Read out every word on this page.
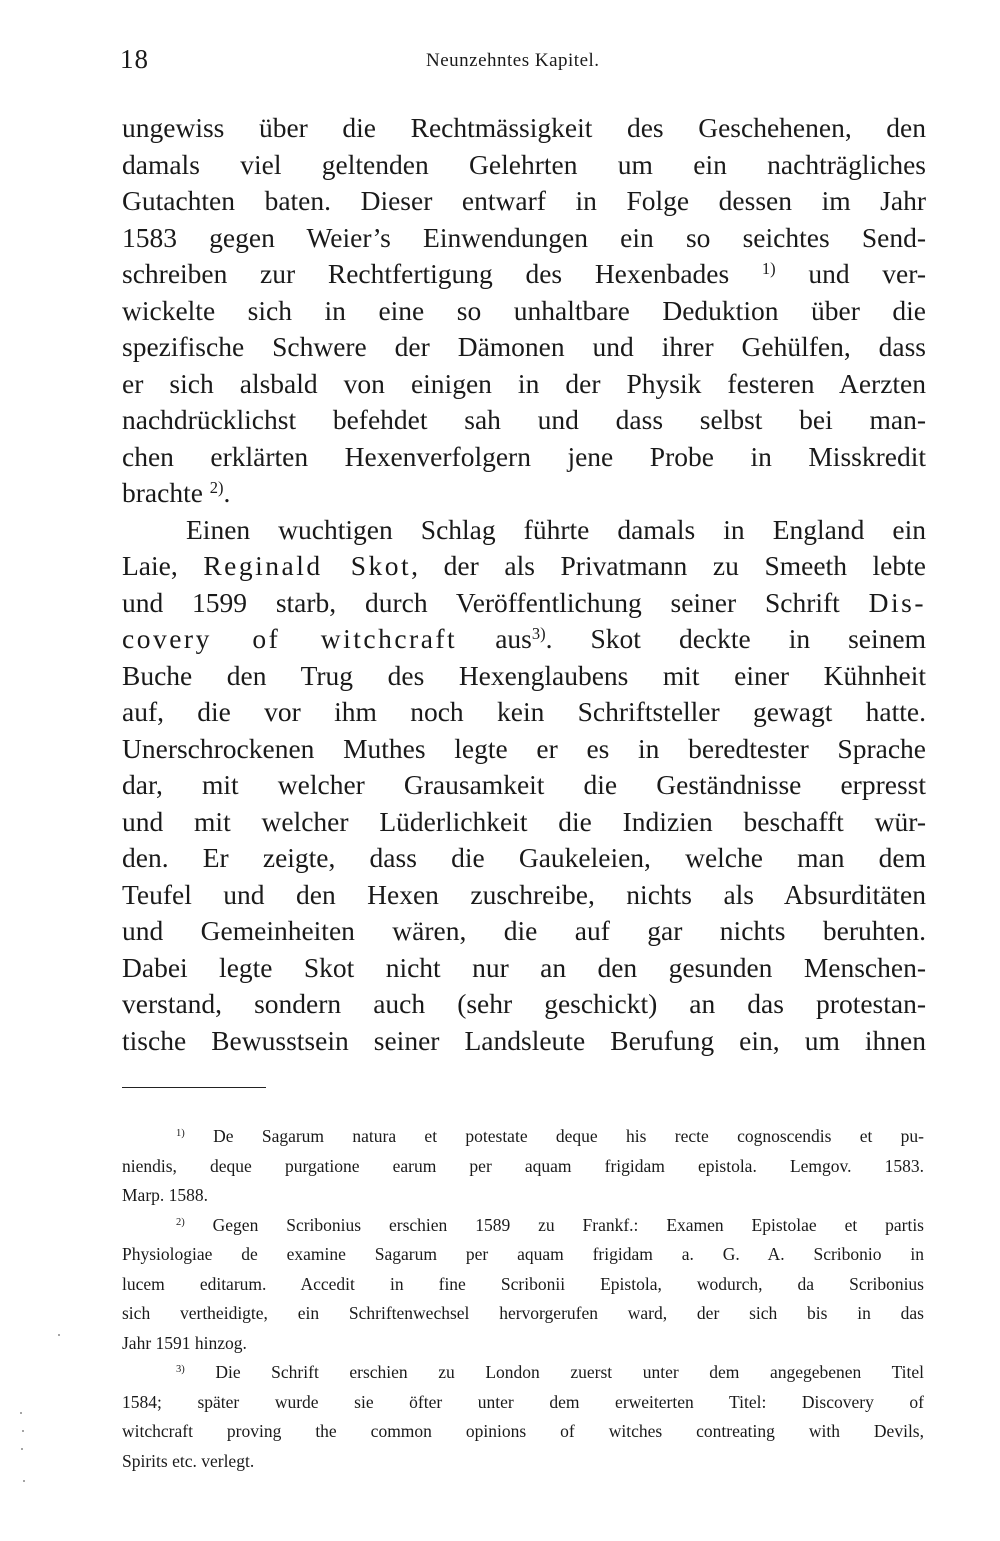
18	Neunzehntes Kapitel.
ungewiss über die Rechtmässigkeit des Geschehenen, den
damals viel geltenden Gelehrten um ein nachträgliches
Gutachten baten. Dieser entwarf in Folge dessen im Jahr
1583 gegen Weier’s Einwendungen ein so seichtes Send-
schreiben zur Rechtfertigung des Hexenbades $^{1)}$ und ver-
wickelte sich in eine so unhaltbare Deduktion über die
spezifische Schwere der Dämonen und ihrer Gehülfen, dass
er sich alsbald von einigen in der Physik festeren Aerzten
nachdrücklichst befehdet sah und dass selbst bei man-
chen erklärten Hexenverfolgern jene Probe in Misskredit
brachte $^{2)}$.
Einen wuchtigen Schlag führte damals in England ein
Laie, Reginald Skot, der als Privatmann zu Smeeth lebte
und 1599 starb, durch Veröffentlichung seiner Schrift Dis-
covery of witchcraft aus$^{3)}$. Skot deckte in seinem
Buche den Trug des Hexenglaubens mit einer Kühnheit
auf, die vor ihm noch kein Schriftsteller gewagt hatte.
Unerschrockenen Muthes legte er es in beredtester Sprache
dar, mit welcher Grausamkeit die Geständnisse erpresst
und mit welcher Lüderlichkeit die Indizien beschafft wür-
den. Er zeigte, dass die Gaukeleien, welche man dem
Teufel und den Hexen zuschreibe, nichts als Absurditäten
und Gemeinheiten wären, die auf gar nichts beruhten.
Dabei legte Skot nicht nur an den gesunden Menschen-
verstand, sondern auch (sehr geschickt) an das protestan-
tische Bewusstsein seiner Landsleute Berufung ein, um ihnen
$^{1)}$ De Sagarum natura et potestate deque his recte cognoscendis et pu-
niendis, deque purgatione earum per aquam frigidam epistola. Lemgov. 1583.
Marp. 1588.
$^{2)}$ Gegen Scribonius erschien 1589 zu Frankf.: Examen Epistolae et partis
Physiologiae de examine Sagarum per aquam frigidam a. G. A. Scribonio in
lucem editarum. Accedit in fine Scribonii Epistola, wodurch, da Scribonius
sich vertheidigte, ein Schriftenwechsel hervorgerufen ward, der sich bis in das
Jahr 1591 hinzog.
$^{3)}$ Die Schrift erschien zu London zuerst unter dem angegebenen Titel
1584; später wurde sie öfter unter dem erweiterten Titel: Discovery of
witchcraft proving the common opinions of witches contreating with Devils,
Spirits etc. verlegt.
